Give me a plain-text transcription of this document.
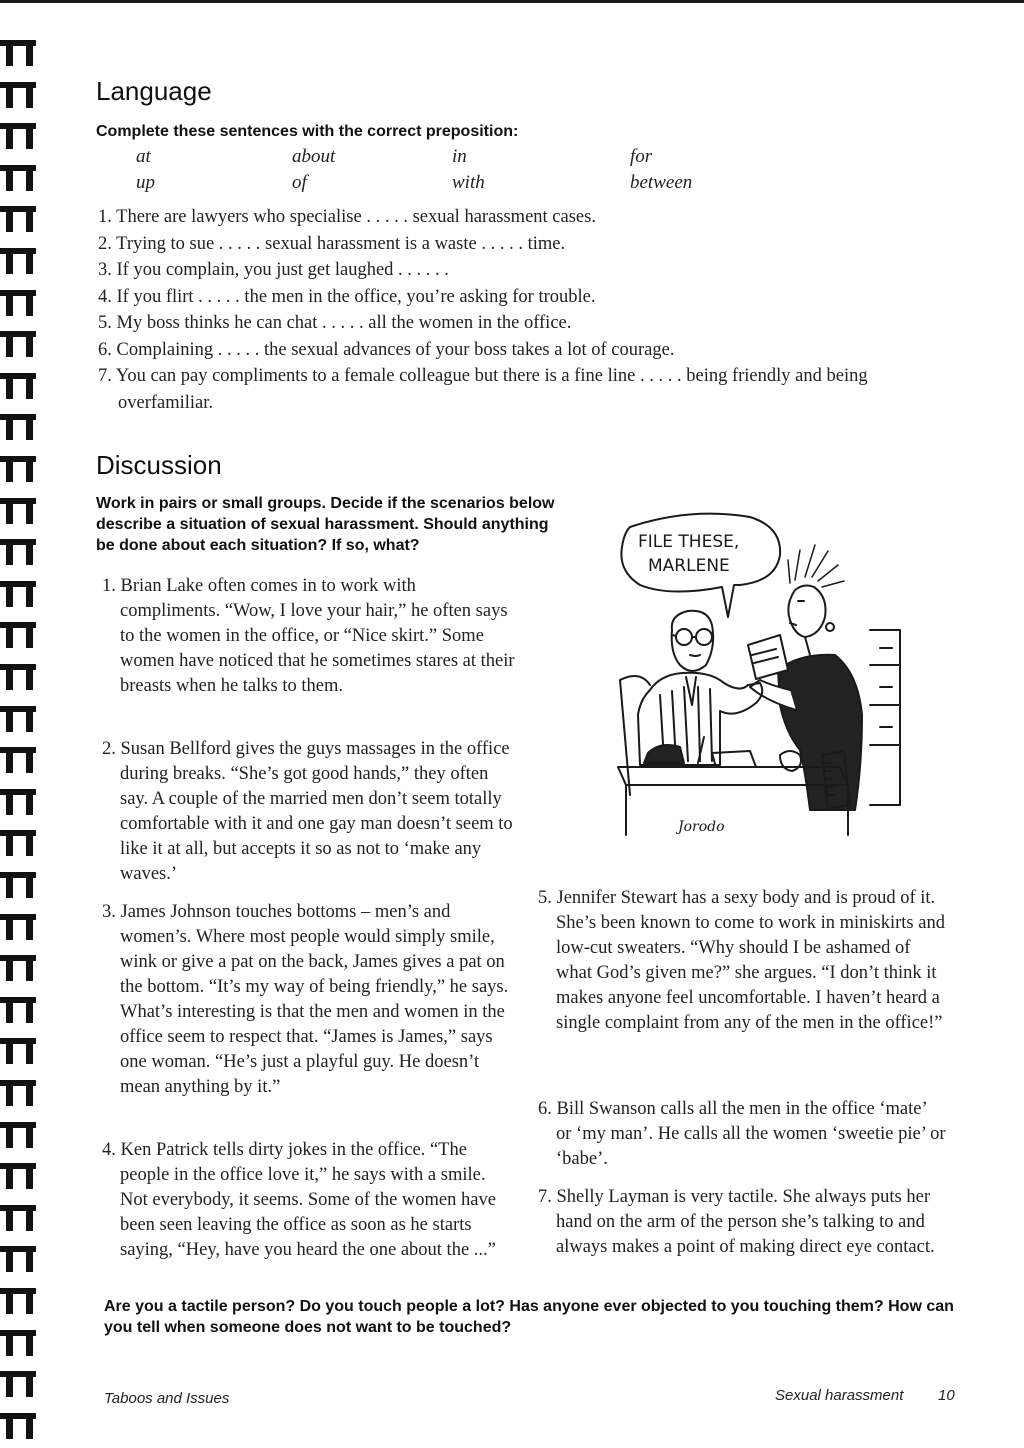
Language

Complete these sentences with the correct preposition:

at	about	in	for
up	of	with	between
1. There are lawyers who specialise . . . . . sexual harassment cases.
2. Trying to sue . . . . . sexual harassment is a waste . . . . . time.
3. If you complain, you just get laughed . . . . . .
4. If you flirt . . . . . the men in the office, you’re asking for trouble.
5. My boss thinks he can chat . . . . . all the women in the office.
6. Complaining . . . . . the sexual advances of your boss takes a lot of courage.
7. You can pay compliments to a female colleague but there is a fine line . . . . . being friendly and being overfamiliar.
Discussion

Work in pairs or small groups. Decide if the scenarios below describe a situation of sexual harassment. Should anything be done about each situation? If so, what?

1. Brian Lake often comes in to work with compliments. “Wow, I love your hair,” he often says to the women in the office, or “Nice skirt.” Some women have noticed that he sometimes stares at their breasts when he talks to them.

2. Susan Bellford gives the guys massages in the office during breaks. “She’s got good hands,” they often say. A couple of the married men don’t seem totally comfortable with it and one gay man doesn’t seem to like it at all, but accepts it so as not to ‘make any waves.’

3. James Johnson touches bottoms – men’s and women’s. Where most people would simply smile, wink or give a pat on the back, James gives a pat on the bottom. “It’s my way of being friendly,” he says. What’s interesting is that the men and women in the office seem to respect that. “James is James,” says one woman. “He’s just a playful guy. He doesn’t mean anything by it.”

4. Ken Patrick tells dirty jokes in the office. “The people in the office love it,” he says with a smile. Not everybody, it seems. Some of the women have been seen leaving the office as soon as he starts saying, “Hey, have you heard the one about the ...”

5. Jennifer Stewart has a sexy body and is proud of it. She’s been known to come to work in miniskirts and low-cut sweaters. “Why should I be ashamed of what God’s given me?” she argues. “I don’t think it makes anyone feel uncomfortable. I haven’t heard a single complaint from any of the men in the office!”

6. Bill Swanson calls all the men in the office ‘mate’ or ‘my man’. He calls all the women ‘sweetie pie’ or ‘babe’.

7. Shelly Layman is very tactile. She always puts her hand on the arm of the person she’s talking to and always makes a point of making direct eye contact.

Are you a tactile person? Do you touch people a lot? Has anyone ever objected to you touching them? How can you tell when someone does not want to be touched?

FILE THESE,
MARLENE
Jorodo
Taboos and Issues	Sexual harassment 10
